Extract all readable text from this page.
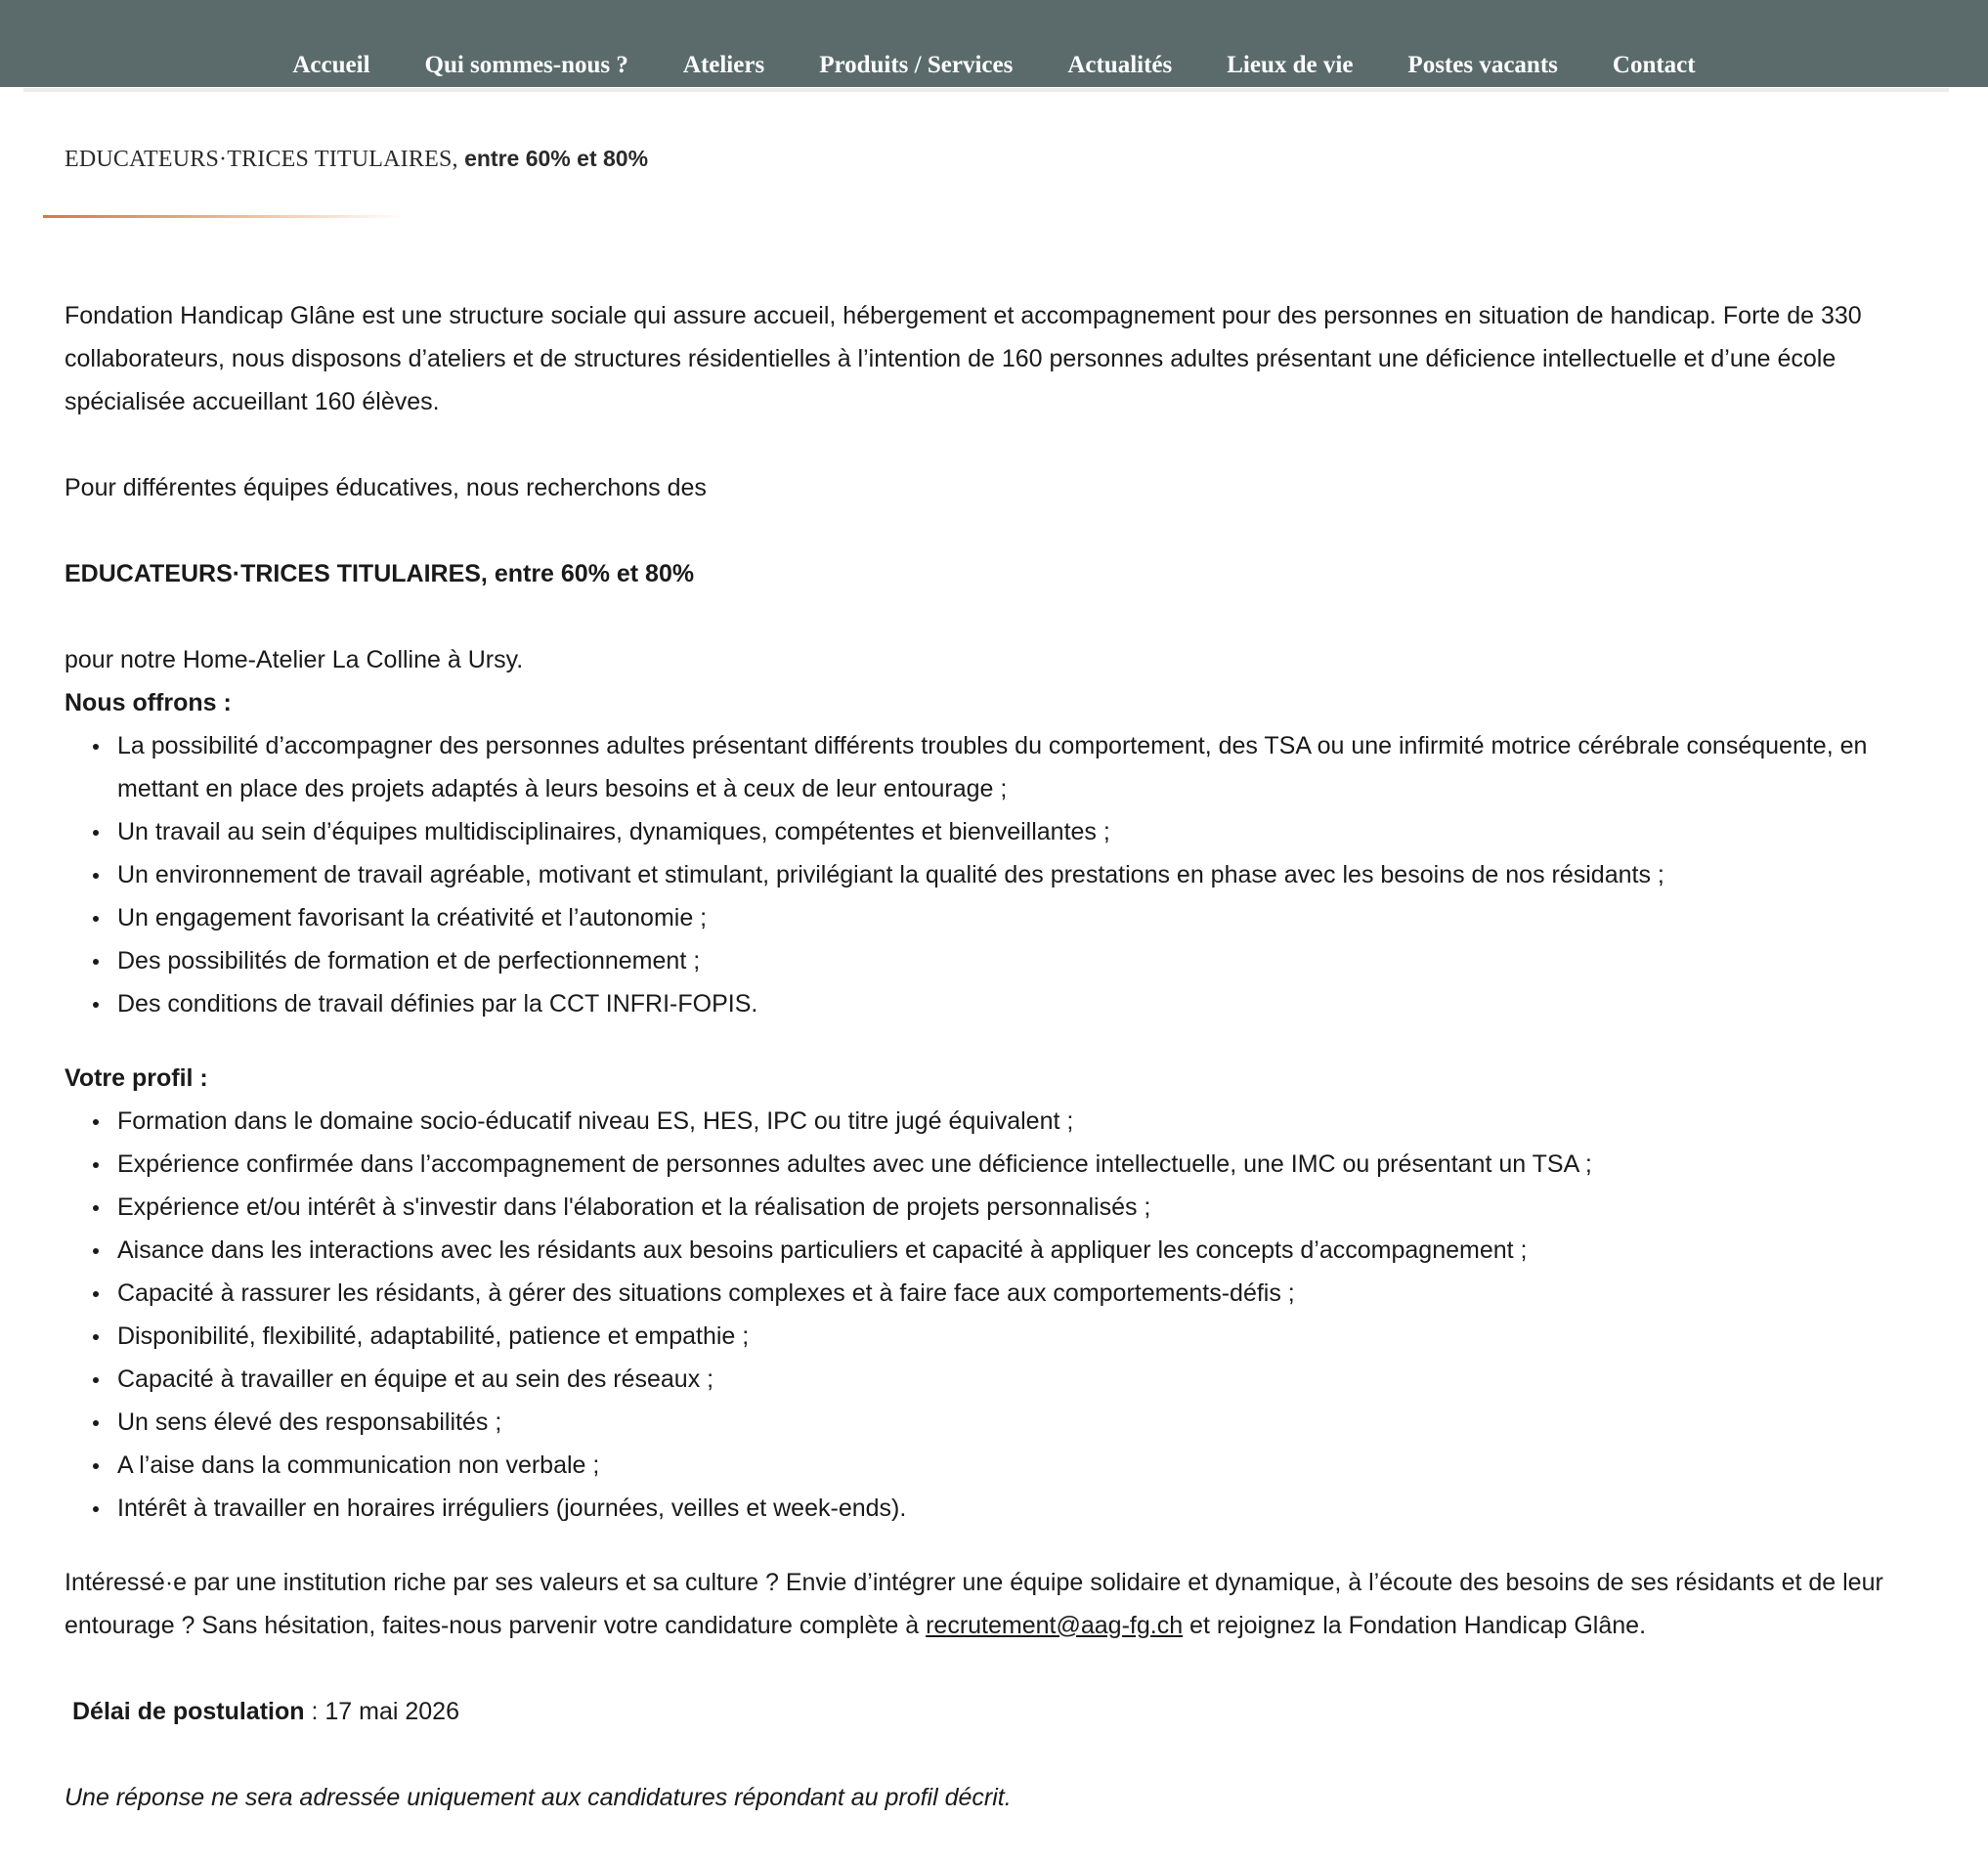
Accueil	Qui sommes-nous ?	Ateliers	Produits / Services	Actualités	Lieux de vie	Postes vacants	Contact
EDUCATEURS·TRICES TITULAIRES, entre 60% et 80%

Fondation Handicap Glâne est une structure sociale qui assure accueil, hébergement et accompagnement pour des personnes en situation de handicap. Forte de 330 collaborateurs, nous disposons d’ateliers et de structures résidentielles à l’intention de 160 personnes adultes présentant une déficience intellectuelle et d’une école spécialisée accueillant 160 élèves.

Pour différentes équipes éducatives, nous recherchons des

EDUCATEURS·TRICES TITULAIRES, entre 60% et 80%

pour notre Home-Atelier La Colline à Ursy.

Nous offrons :
La possibilité d’accompagner des personnes adultes présentant différents troubles du comportement, des TSA ou une infirmité motrice cérébrale conséquente, en mettant en place des projets adaptés à leurs besoins et à ceux de leur entourage ;
Un travail au sein d’équipes multidisciplinaires, dynamiques, compétentes et bienveillantes ;
Un environnement de travail agréable, motivant et stimulant, privilégiant la qualité des prestations en phase avec les besoins de nos résidants ;
Un engagement favorisant la créativité et l’autonomie ;
Des possibilités de formation et de perfectionnement ;
Des conditions de travail définies par la CCT INFRI-FOPIS.
Votre profil :
Formation dans le domaine socio-éducatif niveau ES, HES, IPC ou titre jugé équivalent ;
Expérience confirmée dans l’accompagnement de personnes adultes avec une déficience intellectuelle, une IMC ou présentant un TSA ;
Expérience et/ou intérêt à s'investir dans l'élaboration et la réalisation de projets personnalisés ;
Aisance dans les interactions avec les résidants aux besoins particuliers et capacité à appliquer les concepts d’accompagnement ;
Capacité à rassurer les résidants, à gérer des situations complexes et à faire face aux comportements-défis ;
Disponibilité, flexibilité, adaptabilité, patience et empathie ;
Capacité à travailler en équipe et au sein des réseaux ;
Un sens élevé des responsabilités ;
A l’aise dans la communication non verbale ;
Intérêt à travailler en horaires irréguliers (journées, veilles et week-ends).

Intéressé·e par une institution riche par ses valeurs et sa culture ? Envie d’intégrer une équipe solidaire et dynamique, à l’écoute des besoins de ses résidants et de leur entourage ? Sans hésitation, faites-nous parvenir votre candidature complète à recrutement@aag-fg.ch et rejoignez la Fondation Handicap Glâne.

Délai de postulation : 17 mai 2026

Une réponse ne sera adressée uniquement aux candidatures répondant au profil décrit.
